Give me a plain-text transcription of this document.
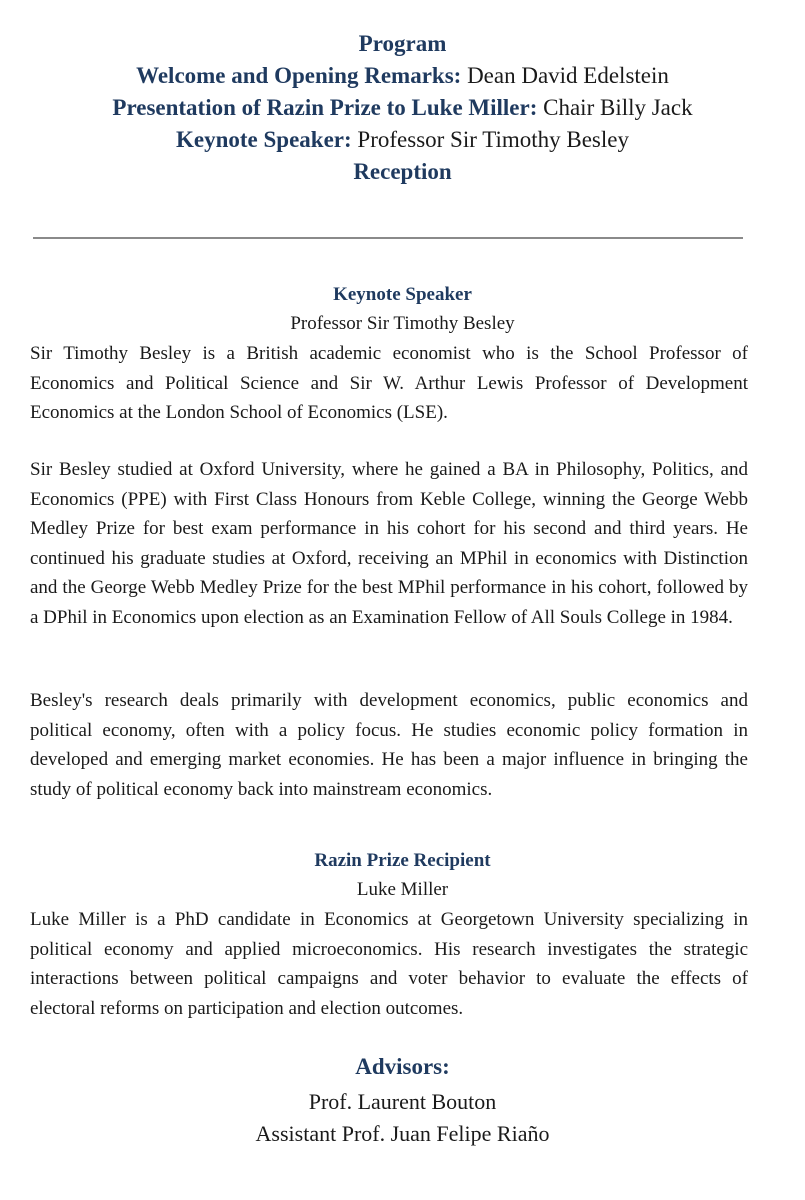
Program
Welcome and Opening Remarks: Dean David Edelstein
Presentation of Razin Prize to Luke Miller: Chair Billy Jack
Keynote Speaker: Professor Sir Timothy Besley
Reception
Keynote Speaker
Professor Sir Timothy Besley

Sir Timothy Besley is a British academic economist who is the School Professor of Economics and Political Science and Sir W. Arthur Lewis Professor of Development Economics at the London School of Economics (LSE).

Sir Besley studied at Oxford University, where he gained a BA in Philosophy, Politics, and Economics (PPE) with First Class Honours from Keble College, winning the George Webb Medley Prize for best exam performance in his cohort for his second and third years. He continued his graduate studies at Oxford, receiving an MPhil in economics with Distinction and the George Webb Medley Prize for the best MPhil performance in his cohort, followed by a DPhil in Economics upon election as an Examination Fellow of All Souls College in 1984.

Besley's research deals primarily with development economics, public economics and political economy, often with a policy focus. He studies economic policy formation in developed and emerging market economies. He has been a major influence in bringing the study of political economy back into mainstream economics.

Razin Prize Recipient
Luke Miller

Luke Miller is a PhD candidate in Economics at Georgetown University specializing in political economy and applied microeconomics. His research investigates the strategic interactions between political campaigns and voter behavior to evaluate the effects of electoral reforms on participation and election outcomes.

Advisors:
Prof. Laurent Bouton
Assistant Prof. Juan Felipe Riaño
